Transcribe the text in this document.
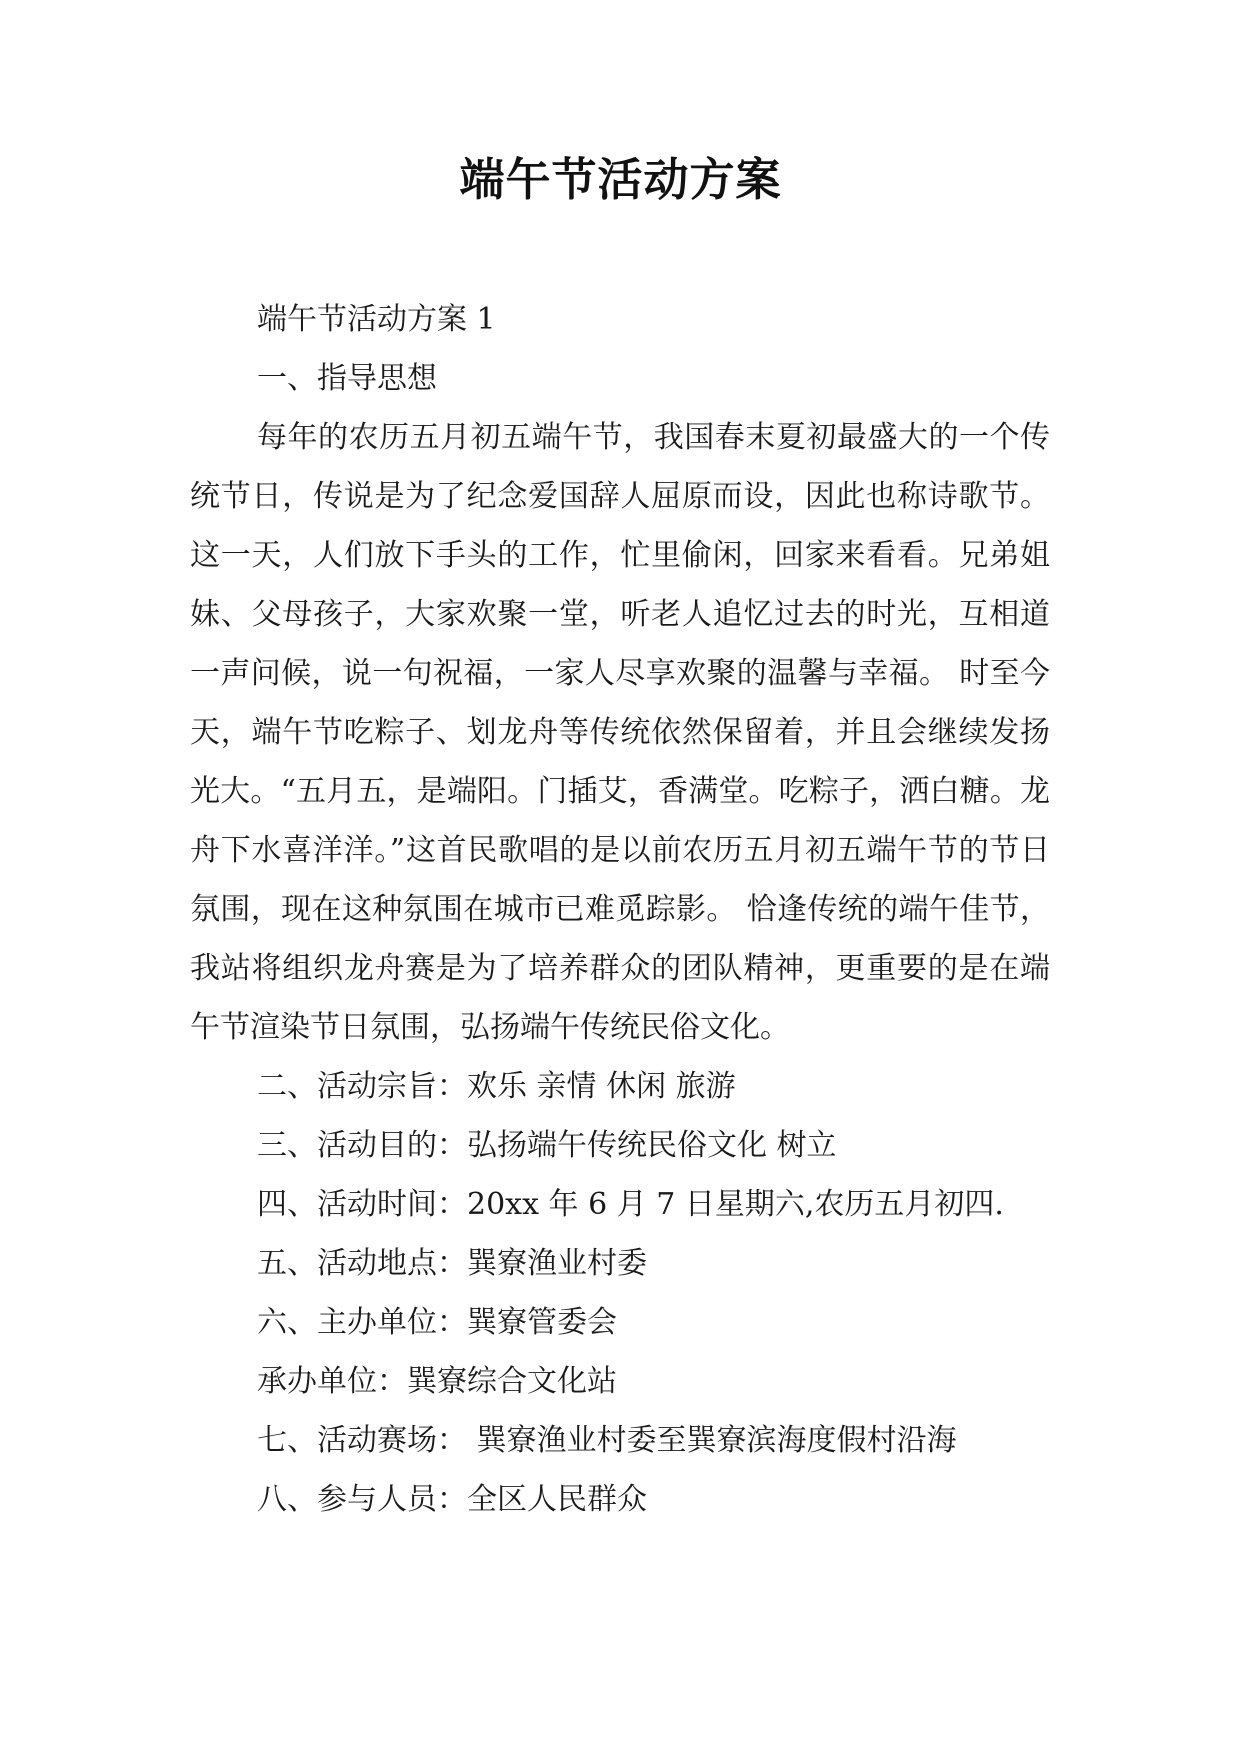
端午节活动方案
端午节活动方案 1
一、指导思想
每年的农历五月初五端午节，我国春末夏初最盛大的一个传统节日，传说是为了纪念爱国辞人屈原而设，因此也称诗歌节。 这一天，人们放下手头的工作，忙里偷闲，回家来看看。兄弟姐妹、父母孩子，大家欢聚一堂，听老人追忆过去的时光，互相道一声问候，说一句祝福，一家人尽享欢聚的温馨与幸福。 时至今天，端午节吃粽子、划龙舟等传统依然保留着，并且会继续发扬光大。“五月五，是端阳。门插艾，香满堂。吃粽子，洒白糖。龙舟下水喜洋洋。”这首民歌唱的是以前农历五月初五端午节的节日氛围，现在这种氛围在城市已难觅踪影。 恰逢传统的端午佳节，我站将组织龙舟赛是为了培养群众的团队精神，更重要的是在端午节渲染节日氛围，弘扬端午传统民俗文化。
二、活动宗旨：欢乐 亲情 休闲 旅游
三、活动目的：弘扬端午传统民俗文化 树立
四、活动时间：20xx 年 6 月 7 日星期六,农历五月初四.
五、活动地点：巽寮渔业村委
六、主办单位：巽寮管委会
承办单位：巽寮综合文化站
七、活动赛场： 巽寮渔业村委至巽寮滨海度假村沿海
八、参与人员：全区人民群众
